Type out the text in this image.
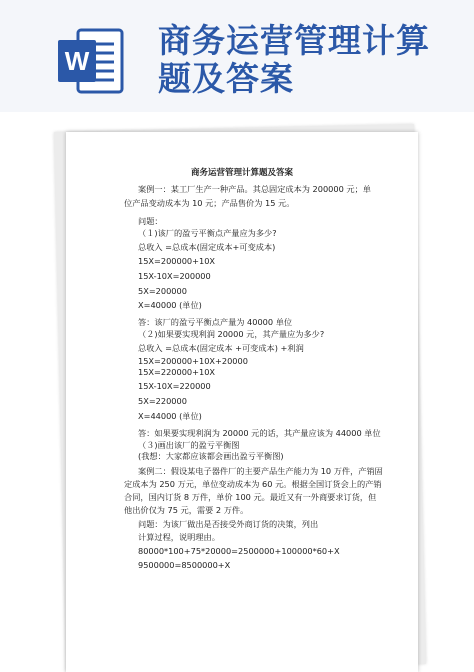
W
商务运营管理计算
题及答案
商务运营管理计算题及答案
案例一：某工厂生产一种产品。其总固定成本为 200000 元；单
位产品变动成本为 10 元；产品售价为 15 元。
问题：
（１)该厂的盈亏平衡点产量应为多少?
总收入 =总成本(固定成本+可变成本)
15X=200000+10X
15X-10X=200000
5X=200000
X=40000 (单位)
答：该厂的盈亏平衡点产量为 40000 单位
（２)如果要实现利润 20000 元，其产量应为多少?
总收入 =总成本(固定成本 +可变成本) +利润
15X=200000+10X+20000
15X=220000+10X
15X-10X=220000
5X=220000
X=44000 (单位)
答：如果要实现利润为 20000 元的话，其产量应该为 44000 单位
（３)画出该厂的盈亏平衡图
(我想：大家都应该都会画出盈亏平衡图)
案例二：假设某电子器件厂的主要产品生产能力为 10 万件，产销固
定成本为 250 万元，单位变动成本为 60 元。根据全国订货会上的产销
合同，国内订货 8 万件，单价 100 元。最近又有一外商要求订货，但
他出价仅为 75 元，需要 2 万件。
问题：为该厂做出是否接受外商订货的决策，列出
计算过程，说明理由。
80000*100+75*20000=2500000+100000*60+X
9500000=8500000+X
